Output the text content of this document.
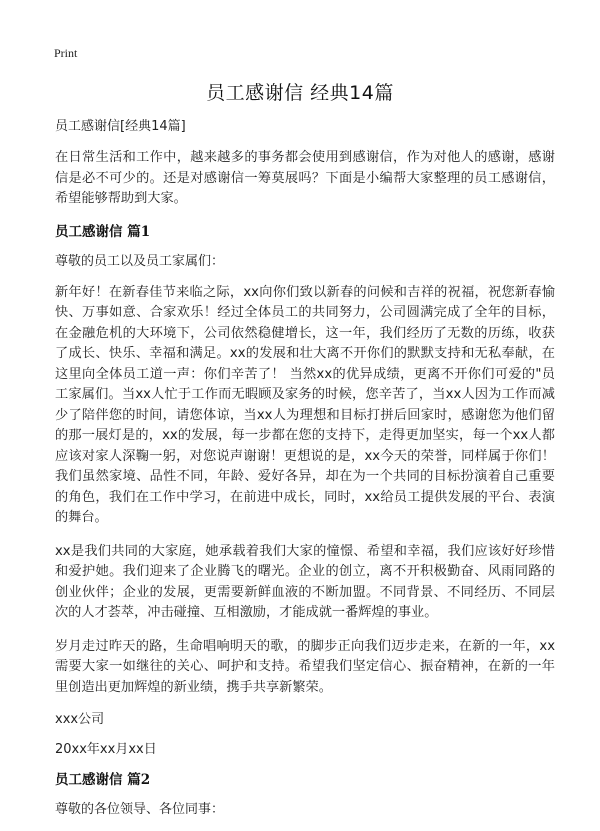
Print
员工感谢信 经典14篇

员工感谢信[经典14篇]

在日常生活和工作中，越来越多的事务都会使用到感谢信，作为对他人的感谢，感谢信是必不可少的。还是对感谢信一筹莫展吗？下面是小编帮大家整理的员工感谢信，希望能够帮助到大家。

员工感谢信 篇1

尊敬的员工以及员工家属们：

新年好！在新春佳节来临之际，xx向你们致以新春的问候和吉祥的祝福，祝您新春愉快、万事如意、合家欢乐！经过全体员工的共同努力，公司圆满完成了全年的目标，在金融危机的大环境下，公司依然稳健增长，这一年，我们经历了无数的历练，收获了成长、快乐、幸福和满足。xx的发展和壮大离不开你们的默默支持和无私奉献，在这里向全体员工道一声：你们辛苦了！ 当然xx的优异成绩，更离不开你们可爱的"员工家属们。当xx人忙于工作而无暇顾及家务的时候，您辛苦了，当xx人因为工作而减少了陪伴您的时间，请您体谅，当xx人为理想和目标打拼后回家时，感谢您为他们留的那一展灯是的，xx的发展，每一步都在您的支持下，走得更加坚实，每一个xx人都应该对家人深鞠一躬，对您说声谢谢！更想说的是，xx今天的荣誉，同样属于你们！我们虽然家境、品性不同，年龄、爱好各异，却在为一个共同的目标扮演着自己重要的角色，我们在工作中学习，在前进中成长，同时，xx给员工提供发展的平台、表演的舞台。

xx是我们共同的大家庭，她承载着我们大家的憧憬、希望和幸福，我们应该好好珍惜和爱护她。我们迎来了企业腾飞的曙光。企业的创立，离不开积极勤奋、风雨同路的创业伙伴；企业的发展，更需要新鲜血液的不断加盟。不同背景、不同经历、不同层次的人才荟萃，冲击碰撞、互相激励，才能成就一番辉煌的事业。

岁月走过昨天的路，生命唱响明天的歌，的脚步正向我们迈步走来，在新的一年，xx需要大家一如继往的关心、呵护和支持。希望我们坚定信心、振奋精神，在新的一年里创造出更加辉煌的新业绩，携手共享新繁荣。

xxx公司

20xx年xx月xx日

员工感谢信 篇2

尊敬的各位领导、各位同事：
